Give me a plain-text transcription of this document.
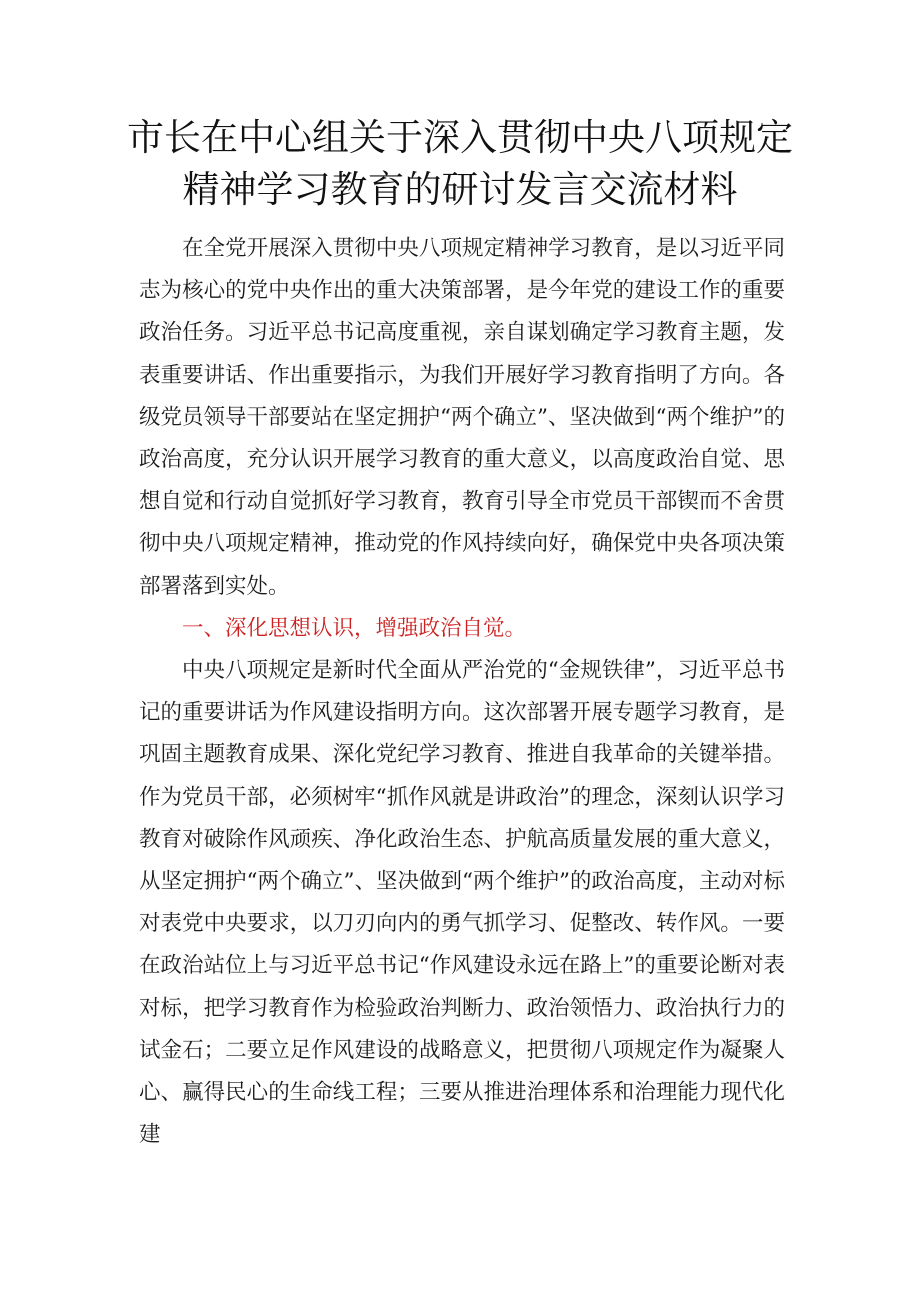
市长在中心组关于深入贯彻中央八项规定
精神学习教育的研讨发言交流材料

在全党开展深入贯彻中央八项规定精神学习教育，是以习近平同志为核心的党中央作出的重大决策部署，是今年党的建设工作的重要政治任务。习近平总书记高度重视，亲自谋划确定学习教育主题，发表重要讲话、作出重要指示，为我们开展好学习教育指明了方向。各级党员领导干部要站在坚定拥护“两个确立”、坚决做到“两个维护”的政治高度，充分认识开展学习教育的重大意义，以高度政治自觉、思想自觉和行动自觉抓好学习教育，教育引导全市党员干部锲而不舍贯彻中央八项规定精神，推动党的作风持续向好，确保党中央各项决策部署落到实处。

一、深化思想认识，增强政治自觉。

中央八项规定是新时代全面从严治党的“金规铁律”，习近平总书记的重要讲话为作风建设指明方向。这次部署开展专题学习教育，是巩固主题教育成果、深化党纪学习教育、推进自我革命的关键举措。作为党员干部，必须树牢“抓作风就是讲政治”的理念，深刻认识学习教育对破除作风顽疾、净化政治生态、护航高质量发展的重大意义，从坚定拥护“两个确立”、坚决做到“两个维护”的政治高度，主动对标对表党中央要求，以刀刃向内的勇气抓学习、促整改、转作风。一要在政治站位上与习近平总书记“作风建设永远在路上”的重要论断对表对标，把学习教育作为检验政治判断力、政治领悟力、政治执行力的试金石；二要立足作风建设的战略意义，把贯彻八项规定作为凝聚人心、赢得民心的生命线工程；三要从推进治理体系和治理能力现代化建
